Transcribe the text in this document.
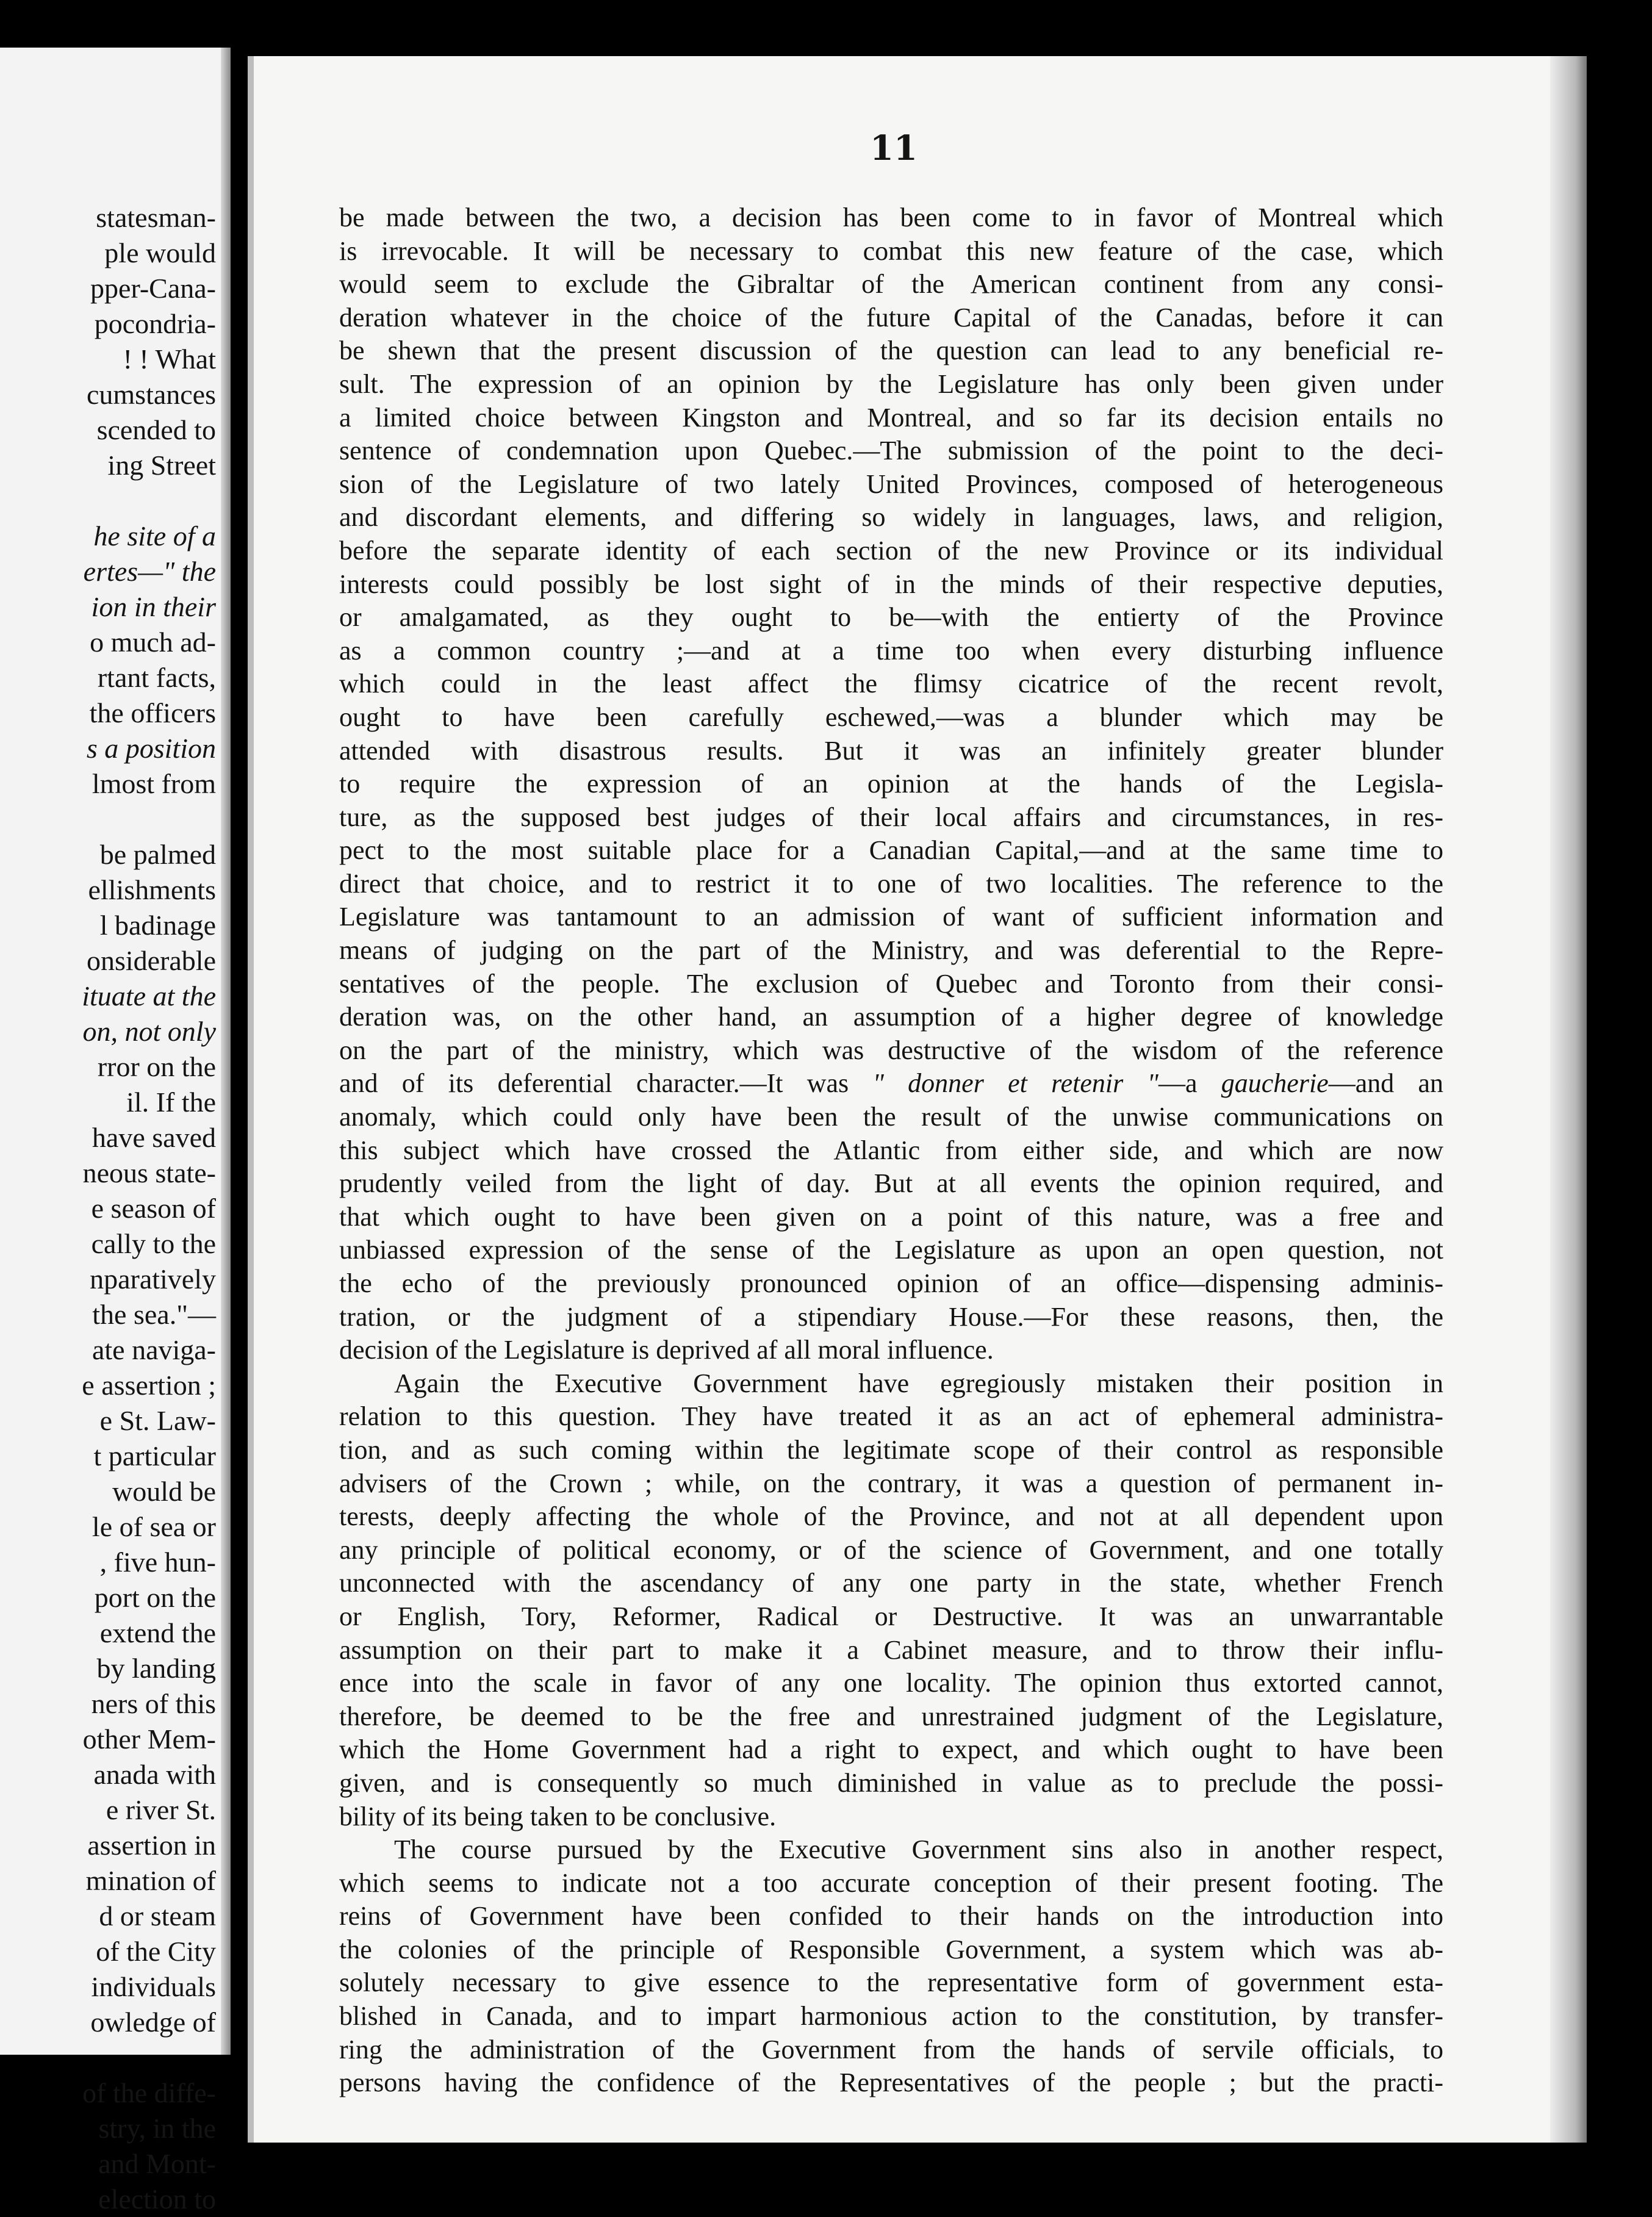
statesman-
ple would
pper-Cana-
pocondria-
! ! What
cumstances
scended to
ing Street
he site of a
ertes—" the
ion in their
o much ad-
rtant facts,
the officers
s a position
lmost from
be palmed
ellishments
l badinage
onsiderable
ituate at the
on, not only
rror on the
il. If the
have saved
neous state-
e season of
cally to the
nparatively
the sea."—
ate naviga-
e assertion ;
e St. Law-
t particular
would be
le of sea or
, five hun-
port on the
extend the
by landing
ners of this
other Mem-
anada with
e river St.
assertion in
mination of
d or steam
of the City
individuals
owledge of
of the diffe-
stry, in the
and Mont-
election to
11
be made between the two, a decision has been come to in favor of Montreal which
is irrevocable. It will be necessary to combat this new feature of the case, which
would seem to exclude the Gibraltar of the American continent from any consi-
deration whatever in the choice of the future Capital of the Canadas, before it can
be shewn that the present discussion of the question can lead to any beneficial re-
sult. The expression of an opinion by the Legislature has only been given under
a limited choice between Kingston and Montreal, and so far its decision entails no
sentence of condemnation upon Quebec.—The submission of the point to the deci-
sion of the Legislature of two lately United Provinces, composed of heterogeneous
and discordant elements, and differing so widely in languages, laws, and religion,
before the separate identity of each section of the new Province or its individual
interests could possibly be lost sight of in the minds of their respective deputies,
or amalgamated, as they ought to be—with the entierty of the Province
as a common country ;—and at a time too when every disturbing influence
which could in the least affect the flimsy cicatrice of the recent revolt,
ought to have been carefully eschewed,—was a blunder which may be
attended with disastrous results. But it was an infinitely greater blunder
to require the expression of an opinion at the hands of the Legisla-
ture, as the supposed best judges of their local affairs and circumstances, in res-
pect to the most suitable place for a Canadian Capital,—and at the same time to
direct that choice, and to restrict it to one of two localities. The reference to the
Legislature was tantamount to an admission of want of sufficient information and
means of judging on the part of the Ministry, and was deferential to the Repre-
sentatives of the people. The exclusion of Quebec and Toronto from their consi-
deration was, on the other hand, an assumption of a higher degree of knowledge
on the part of the ministry, which was destructive of the wisdom of the reference
and of its deferential character.—It was " donner et retenir "—a gaucherie—and an
anomaly, which could only have been the result of the unwise communications on
this subject which have crossed the Atlantic from either side, and which are now
prudently veiled from the light of day. But at all events the opinion required, and
that which ought to have been given on a point of this nature, was a free and
unbiassed expression of the sense of the Legislature as upon an open question, not
the echo of the previously pronounced opinion of an office—dispensing adminis-
tration, or the judgment of a stipendiary House.—For these reasons, then, the
decision of the Legislature is deprived af all moral influence.
Again the Executive Government have egregiously mistaken their position in
relation to this question. They have treated it as an act of ephemeral administra-
tion, and as such coming within the legitimate scope of their control as responsible
advisers of the Crown ; while, on the contrary, it was a question of permanent in-
terests, deeply affecting the whole of the Province, and not at all dependent upon
any principle of political economy, or of the science of Government, and one totally
unconnected with the ascendancy of any one party in the state, whether French
or English, Tory, Reformer, Radical or Destructive. It was an unwarrantable
assumption on their part to make it a Cabinet measure, and to throw their influ-
ence into the scale in favor of any one locality. The opinion thus extorted cannot,
therefore, be deemed to be the free and unrestrained judgment of the Legislature,
which the Home Government had a right to expect, and which ought to have been
given, and is consequently so much diminished in value as to preclude the possi-
bility of its being taken to be conclusive.
The course pursued by the Executive Government sins also in another respect,
which seems to indicate not a too accurate conception of their present footing. The
reins of Government have been confided to their hands on the introduction into
the colonies of the principle of Responsible Government, a system which was ab-
solutely necessary to give essence to the representative form of government esta-
blished in Canada, and to impart harmonious action to the constitution, by transfer-
ring the administration of the Government from the hands of servile officials, to
persons having the confidence of the Representatives of the people ; but the practi-
